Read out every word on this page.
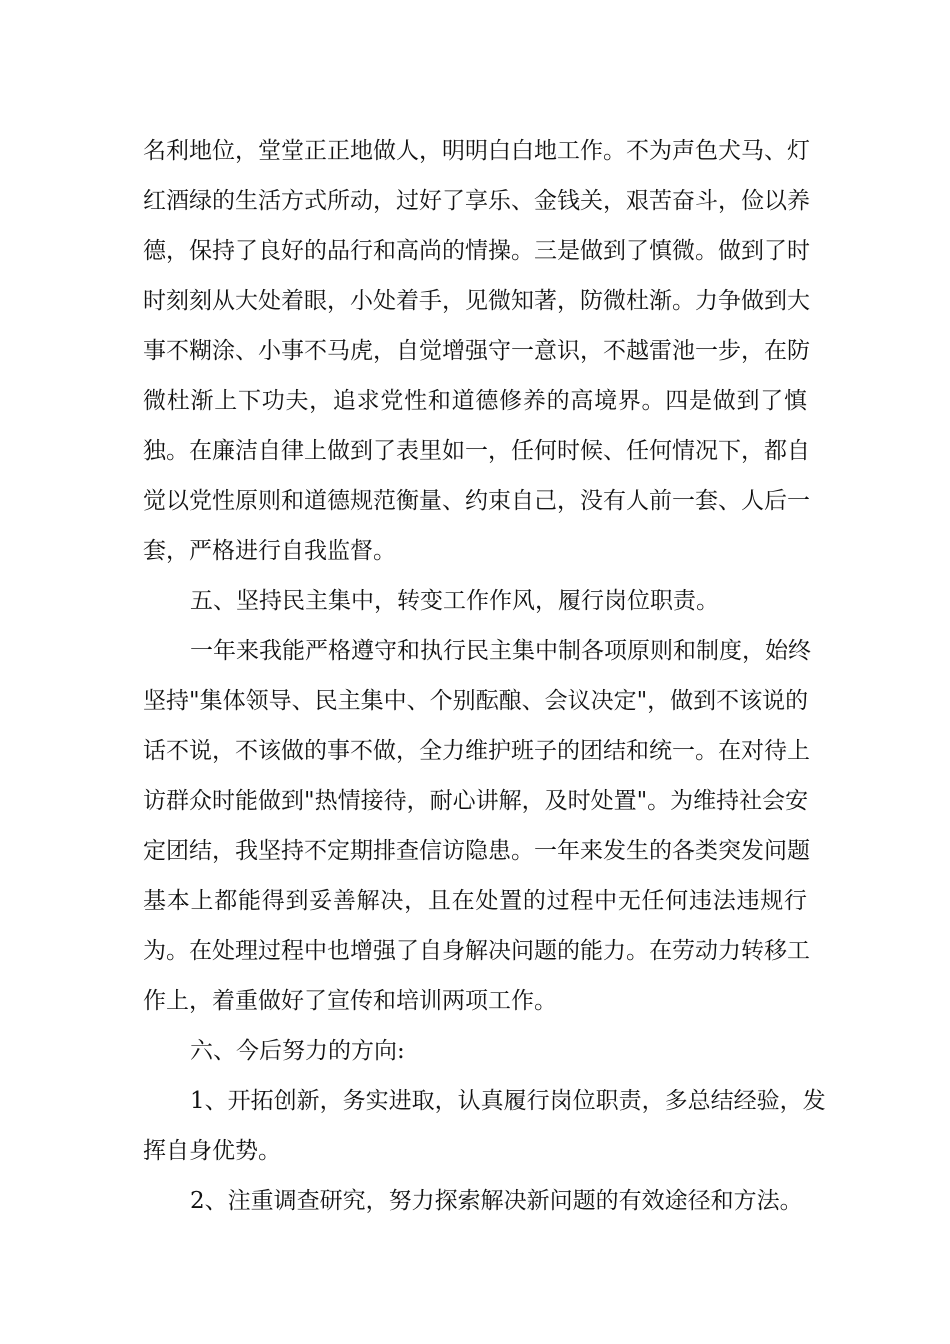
名利地位，堂堂正正地做人，明明白白地工作。不为声色犬马、灯
红酒绿的生活方式所动，过好了享乐、金钱关，艰苦奋斗，俭以养
德，保持了良好的品行和高尚的情操。三是做到了慎微。做到了时
时刻刻从大处着眼，小处着手，见微知著，防微杜渐。力争做到大
事不糊涂、小事不马虎，自觉增强守一意识，不越雷池一步，在防
微杜渐上下功夫，追求党性和道德修养的高境界。四是做到了慎
独。在廉洁自律上做到了表里如一，任何时候、任何情况下，都自
觉以党性原则和道德规范衡量、约束自己，没有人前一套、人后一
套，严格进行自我监督。
五、坚持民主集中，转变工作作风，履行岗位职责。
一年来我能严格遵守和执行民主集中制各项原则和制度，始终
坚持"集体领导、民主集中、个别酝酿、会议决定"，做到不该说的
话不说，不该做的事不做，全力维护班子的团结和统一。在对待上
访群众时能做到"热情接待，耐心讲解，及时处置"。为维持社会安
定团结，我坚持不定期排查信访隐患。一年来发生的各类突发问题
基本上都能得到妥善解决，且在处置的过程中无任何违法违规行
为。在处理过程中也增强了自身解决问题的能力。在劳动力转移工
作上，着重做好了宣传和培训两项工作。
六、今后努力的方向:
1、开拓创新，务实进取，认真履行岗位职责，多总结经验，发
挥自身优势。
2、注重调查研究，努力探索解决新问题的有效途径和方法。
